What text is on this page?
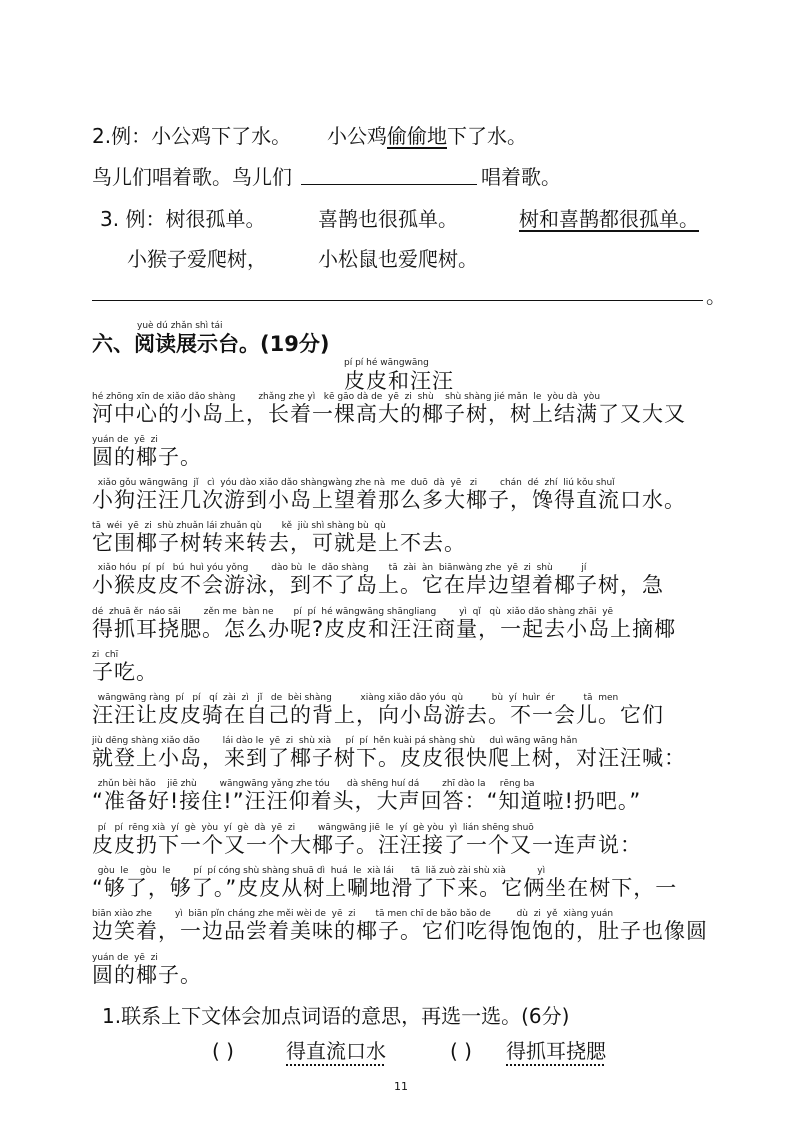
2.例：小公鸡下了水。 小公鸡偷偷地下了水。
鸟儿们唱着歌。鸟儿们	唱着歌。
3. 例：树很孤单。	喜鹊也很孤单。	树和喜鹊都很孤单。
小猴子爱爬树，	小松鼠也爱爬树。
。
yuè dú zhǎn shì tái
六、阅读展示台。(19分)
pí pí hé wāngwāng
皮皮和汪汪
hé zhōng xīn de xiǎo dǎo shàng        zhǎng zhe yì   kē gāo dà de  yē  zi  shù    shù shàng jié mǎn  le  yòu dà  yòu
河中心的小岛上，长着一棵高大的椰子树，树上结满了又大又
yuán de  yē  zi
圆的椰子。
xiǎo gǒu wāngwāng  jǐ   cì  yóu dào xiǎo dǎo shàngwàng zhe nà  me  duō  dà  yē   zi        chán  dé  zhí  liú kǒu shuǐ
小狗汪汪几次游到小岛上望着那么多大椰子，馋得直流口水。
tā  wéi  yē  zi  shù zhuǎn lái zhuǎn qù       kě  jiù shì shàng bù  qù
它围椰子树转来转去，可就是上不去。
xiǎo hóu  pí  pí   bú  huì yóu yǒng        dào bù  le  dǎo shàng       tā  zài  àn  biānwàng zhe  yē  zi  shù          jí
小猴皮皮不会游泳，到不了岛上。它在岸边望着椰子树，急
dé  zhuā ěr  náo sāi        zěn me  bàn ne       pí  pí  hé wāngwāng shāngliang        yì  qǐ   qù  xiǎo dǎo shàng zhāi  yē
得抓耳挠腮。怎么办呢?皮皮和汪汪商量，一起去小岛上摘椰
zi  chī
子吃。
wāngwāng ràng  pí   pí   qí  zài  zì   jǐ   de  bèi shàng          xiàng xiǎo dǎo yóu  qù          bù  yí  huìr  ér          tā  men
汪汪让皮皮骑在自己的背上，向小岛游去。不一会儿。它们
jiù dēng shàng xiǎo dǎo        lái dào le  yē  zi  shù xià     pí  pí  hěn kuài pá shàng shù     duì wāng wāng hǎn
就登上小岛，来到了椰子树下。皮皮很快爬上树，对汪汪喊：
zhǔn bèi hǎo    jiē zhù        wāngwāng yǎng zhe tóu      dà shēng huí dá        zhī dào la     rēng ba
“准备好!接住!”汪汪仰着头，大声回答：“知道啦!扔吧。”
pí   pí  rēng xià  yí  gè  yòu  yí  gè  dà  yē  zi        wāngwāng jiē  le  yí  gè yòu  yì  lián shēng shuō
皮皮扔下一个又一个大椰子。汪汪接了一个又一连声说：
gòu  le    gòu  le        pí  pí cóng shù shàng shuā dì  huá  le  xià lái      tā  liǎ zuò zài shù xià           yì
“够了，够了。”皮皮从树上唰地滑了下来。它俩坐在树下，一
biān xiào zhe        yì  biān pǐn cháng zhe měi wèi de  yē  zi       tā men chī de bǎo bǎo de         dù  zi  yě  xiàng yuán
边笑着，一边品尝着美味的椰子。它们吃得饱饱的，肚子也像圆
yuán de  yē  zi
圆的椰子。
1.联系上下文体会加点词语的意思，再选一选。(6分)
( )	得直流口水	( ) 得抓耳挠腮
11
